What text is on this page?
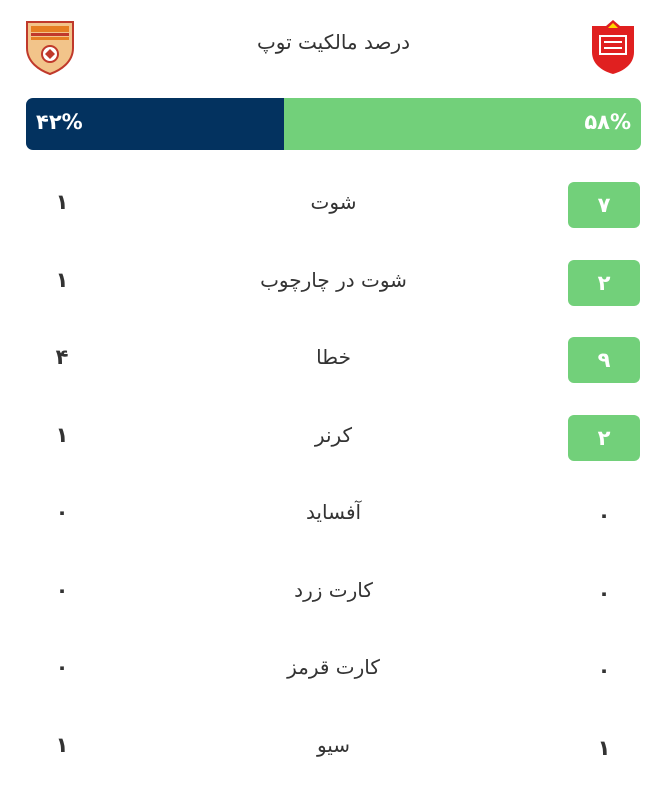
درصد مالکیت توپ
۴۲%	۵۸%
۱	شوت	۷
۱	شوت در چارچوب	۲
۴	خطا	۹
۱	کرنر	۲
۰	آفساید	۰
۰	کارت زرد	۰
۰	کارت قرمز	۰
۱	سیو	۱
